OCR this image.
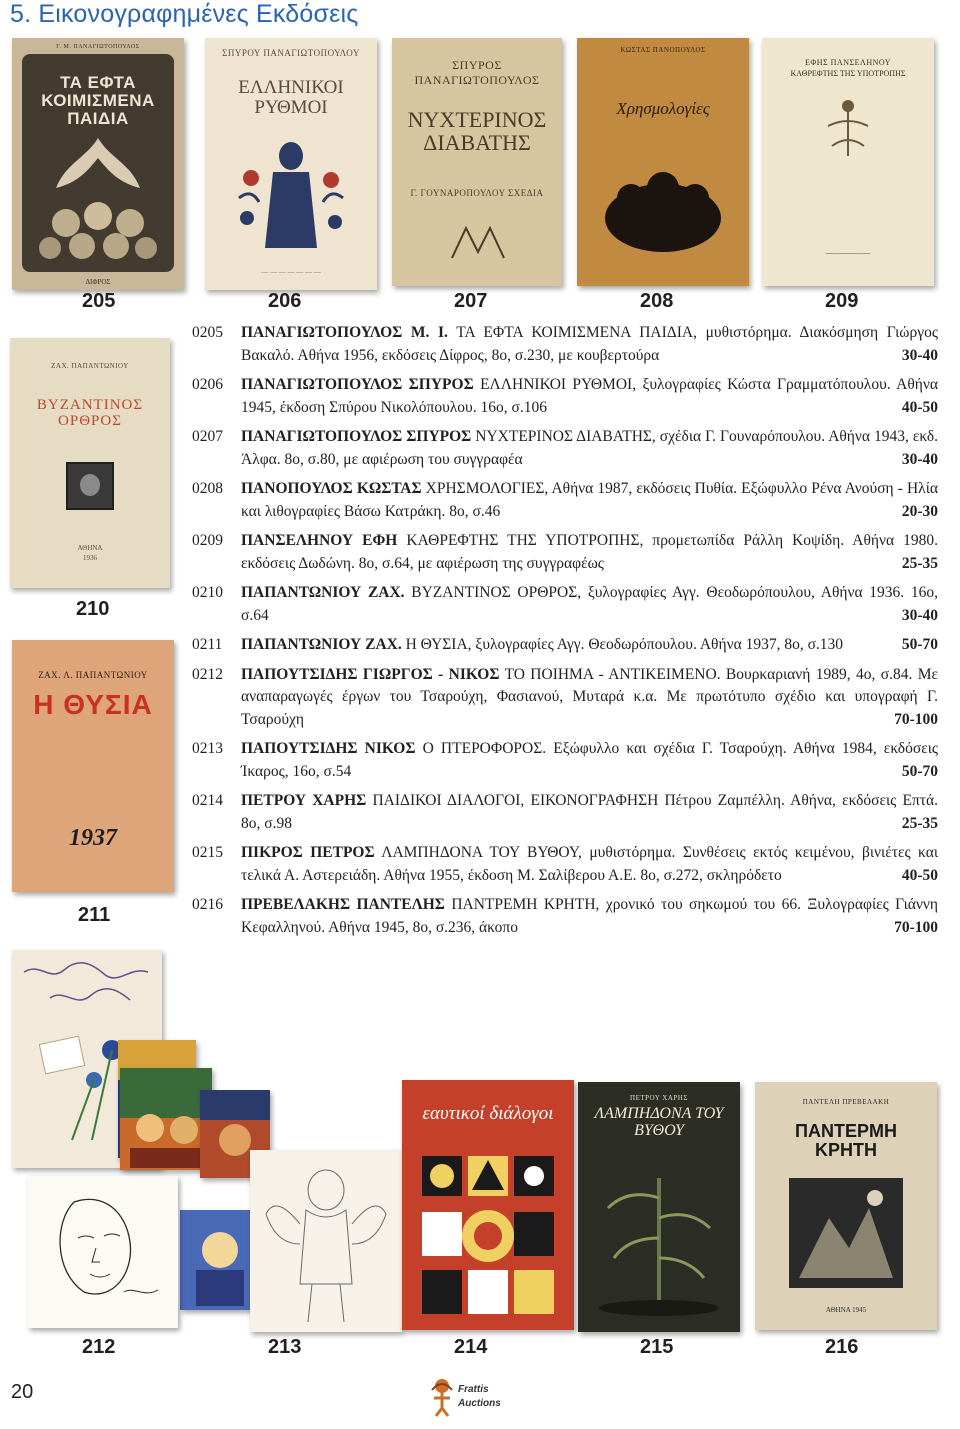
5. Εικονογραφημένες Εκδόσεις
Γ. Μ. ΠΑΝΑΓΙΩΤΟΠΟΥΛΟΣ
ΤΑ ΕΦΤΑ ΚΟΙΜΙΣΜΕΝΑ ΠΑΙΔΙΑ
ΔΙΦΡΟΣ
ΣΠΥΡΟΥ ΠΑΝΑΓΙΩΤΟΠΟΥΛΟΥ
ΕΛΛΗΝΙΚΟΙ ΡΥΘΜΟΙ
— — — — — — —
ΣΠΥΡΟΣ ΠΑΝΑΓΙΩΤΟΠΟΥΛΟΣ
ΝΥΧΤΕΡΙΝΟΣ ΔΙΑΒΑΤΗΣ
Γ. ΓΟΥΝΑΡΟΠΟΥΛΟΥ ΣΧΕΔΙΑ
ΚΩΣΤΑΣ ΠΑΝΟΠΟΥΛΟΣ
Χρησμολογίες
ΕΦΗΣ ΠΑΝΣΕΛΗΝΟΥ
ΚΑΘΡΕΦΤΗΣ ΤΗΣ ΥΠΟΤΡΟΠΗΣ
─────────
205	206	207	208	209
ΖΑΧ. ΠΑΠΑΝΤΩΝΙΟΥ
ΒΥΖΑΝΤΙΝΟΣ ΟΡΘΡΟΣ
ΑΘΗΝΑ
1936
210
ΖΑΧ. Λ. ΠΑΠΑΝΤΩΝΙΟΥ
Η ΘΥΣΙΑ
1937
211
0205	ΠΑΝΑΓΙΩΤΟΠΟΥΛΟΣ Μ. Ι. ΤΑ ΕΦΤΑ ΚΟΙΜΙΣΜΕΝΑ ΠΑΙΔΙΑ, μυθιστόρημα. Διακόσμηση Γιώργος Βακαλό. Αθήνα 1956, εκδόσεις Δίφρος, 8ο, σ.230, με κουβερτούρα	30-40
0206	ΠΑΝΑΓΙΩΤΟΠΟΥΛΟΣ ΣΠΥΡΟΣ ΕΛΛΗΝΙΚΟΙ ΡΥΘΜΟΙ, ξυλογραφίες Κώστα Γραμματόπουλου. Αθήνα 1945, έκδοση Σπύρου Νικολόπουλου. 16ο, σ.106	40-50
0207	ΠΑΝΑΓΙΩΤΟΠΟΥΛΟΣ ΣΠΥΡΟΣ ΝΥΧΤΕΡΙΝΟΣ ΔΙΑΒΑΤΗΣ, σχέδια Γ. Γουναρόπουλου. Αθήνα 1943, εκδ. Άλφα. 8ο, σ.80, με αφιέρωση του συγγραφέα	30-40
0208	ΠΑΝΟΠΟΥΛΟΣ ΚΩΣΤΑΣ ΧΡΗΣΜΟΛΟΓΙΕΣ, Αθήνα 1987, εκδόσεις Πυθία. Εξώφυλλο Ρένα Ανούση - Ηλία και λιθογραφίες Βάσω Κατράκη. 8ο, σ.46	20-30
0209	ΠΑΝΣΕΛΗΝΟΥ ΕΦΗ ΚΑΘΡΕΦΤΗΣ ΤΗΣ ΥΠΟΤΡΟΠΗΣ, προμετωπίδα Ράλλη Κοψίδη. Αθήνα 1980. εκδόσεις Δωδώνη. 8ο, σ.64, με αφιέρωση της συγγραφέως	25-35
0210	ΠΑΠΑΝΤΩΝΙΟΥ ΖΑΧ. ΒΥΖΑΝΤΙΝΟΣ ΟΡΘΡΟΣ, ξυλογραφίες Αγγ. Θεοδωρόπουλου, Αθήνα 1936. 16ο, σ.64	30-40
0211	ΠΑΠΑΝΤΩΝΙΟΥ ΖΑΧ. Η ΘΥΣΙΑ, ξυλογραφίες Αγγ. Θεοδωρόπουλου. Αθήνα 1937, 8ο, σ.130	50-70
0212	ΠΑΠΟΥΤΣΙΔΗΣ ΓΙΩΡΓΟΣ - ΝΙΚΟΣ ΤΟ ΠΟΙΗΜΑ - ΑΝΤΙΚΕΙΜΕΝΟ. Βουρκαριανή 1989, 4ο, σ.84. Με αναπαραγωγές έργων του Τσαρούχη, Φασιανού, Μυταρά κ.α. Με πρωτότυπο σχέδιο και υπογραφή Γ. Τσαρούχη	70-100
0213	ΠΑΠΟΥΤΣΙΔΗΣ ΝΙΚΟΣ Ο ΠΤΕΡΟΦΟΡΟΣ. Εξώφυλλο και σχέδια Γ. Τσαρούχη. Αθήνα 1984, εκδόσεις Ίκαρος, 16ο, σ.54	50-70
0214	ΠΕΤΡΟΥ ΧΑΡΗΣ ΠΑΙΔΙΚΟΙ ΔΙΑΛΟΓΟΙ, ΕΙΚΟΝΟΓΡΑΦΗΣΗ Πέτρου Ζαμπέλλη. Αθήνα, εκδόσεις Επτά. 8ο, σ.98	25-35
0215	ΠΙΚΡΟΣ ΠΕΤΡΟΣ ΛΑΜΠΗΔΟΝΑ ΤΟΥ ΒΥΘΟΥ, μυθιστόρημα. Συνθέσεις εκτός κειμένου, βινιέτες και τελικά Α. Αστερειάδη. Αθήνα 1955, έκδοση Μ. Σαλίβερου Α.Ε. 8ο, σ.272, σκληρόδετο	40-50
0216	ΠΡΕΒΕΛΑΚΗΣ ΠΑΝΤΕΛΗΣ ΠΑΝΤΡΕΜΗ ΚΡΗΤΗ, χρονικό του σηκωμού του 66. Ξυλογραφίες Γιάννη Κεφαλληνού. Αθήνα 1945, 8ο, σ.236, άκοπο	70-100
εαυτικοί διάλογοι
ΠΕΤΡΟΥ ΧΑΡΗΣ
ΛΑΜΠΗΔΟΝΑ ΤΟΥ ΒΥΘΟΥ
ΠΑΝΤΕΛΗ ΠΡΕΒΕΛΑΚΗ
ΠΑΝΤΕΡΜΗ ΚΡΗΤΗ
ΑΘΗΝΑ 1945
212	213	214	215	216
20	Frattis
Auctions
